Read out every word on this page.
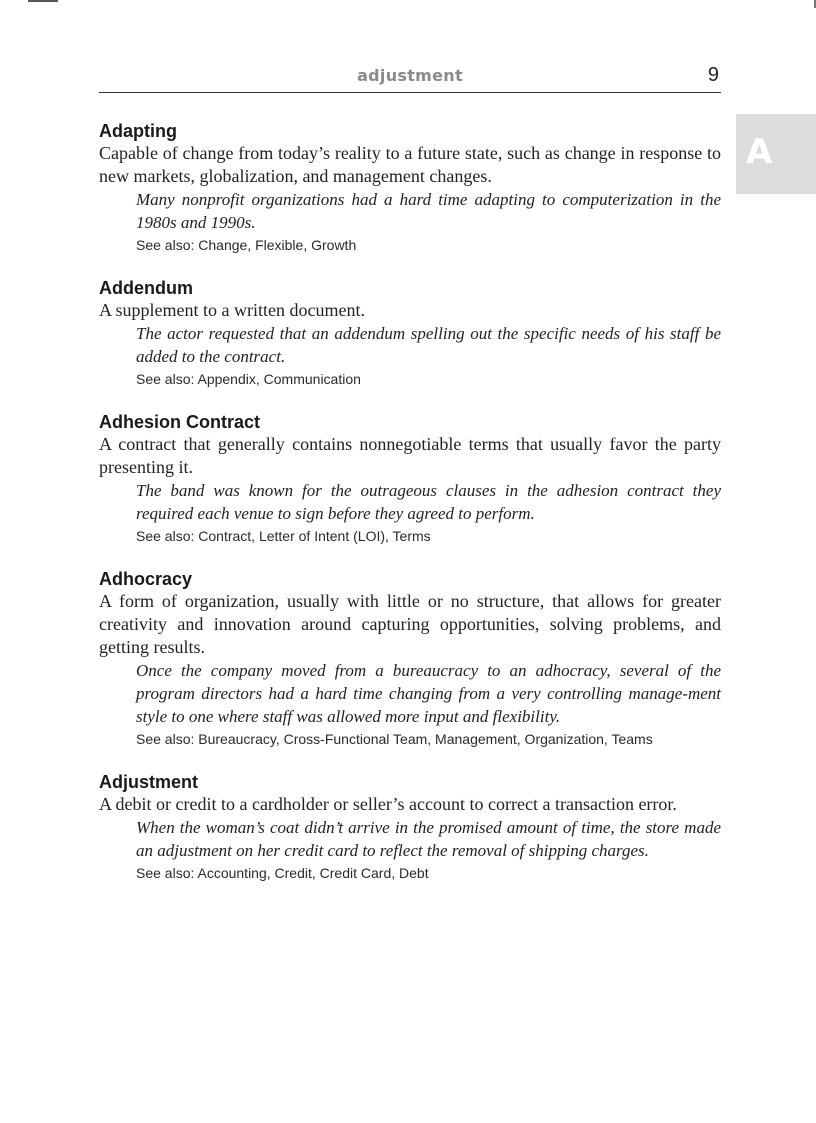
adjustment	9
A
Adapting

Capable of change from today’s reality to a future state, such as change in response to new markets, globalization, and management changes.

Many nonprofit organizations had a hard time adapting to computerization in the 1980s and 1990s.

See also: Change, Flexible, Growth
Addendum

A supplement to a written document.

The actor requested that an addendum spelling out the specific needs of his staff be added to the contract.

See also: Appendix, Communication
Adhesion Contract

A contract that generally contains nonnegotiable terms that usually favor the party presenting it.

The band was known for the outrageous clauses in the adhesion contract they required each venue to sign before they agreed to perform.

See also: Contract, Letter of Intent (LOI), Terms
Adhocracy

A form of organization, usually with little or no structure, that allows for greater creativity and innovation around capturing opportunities, solving problems, and getting results.

Once the company moved from a bureaucracy to an adhocracy, several of the program directors had a hard time changing from a very controlling manage-ment style to one where staff was allowed more input and flexibility.

See also: Bureaucracy, Cross-Functional Team, Management, Organization, Teams
Adjustment

A debit or credit to a cardholder or seller’s account to correct a transaction error.

When the woman’s coat didn’t arrive in the promised amount of time, the store made an adjustment on her credit card to reflect the removal of shipping charges.

See also: Accounting, Credit, Credit Card, Debt
